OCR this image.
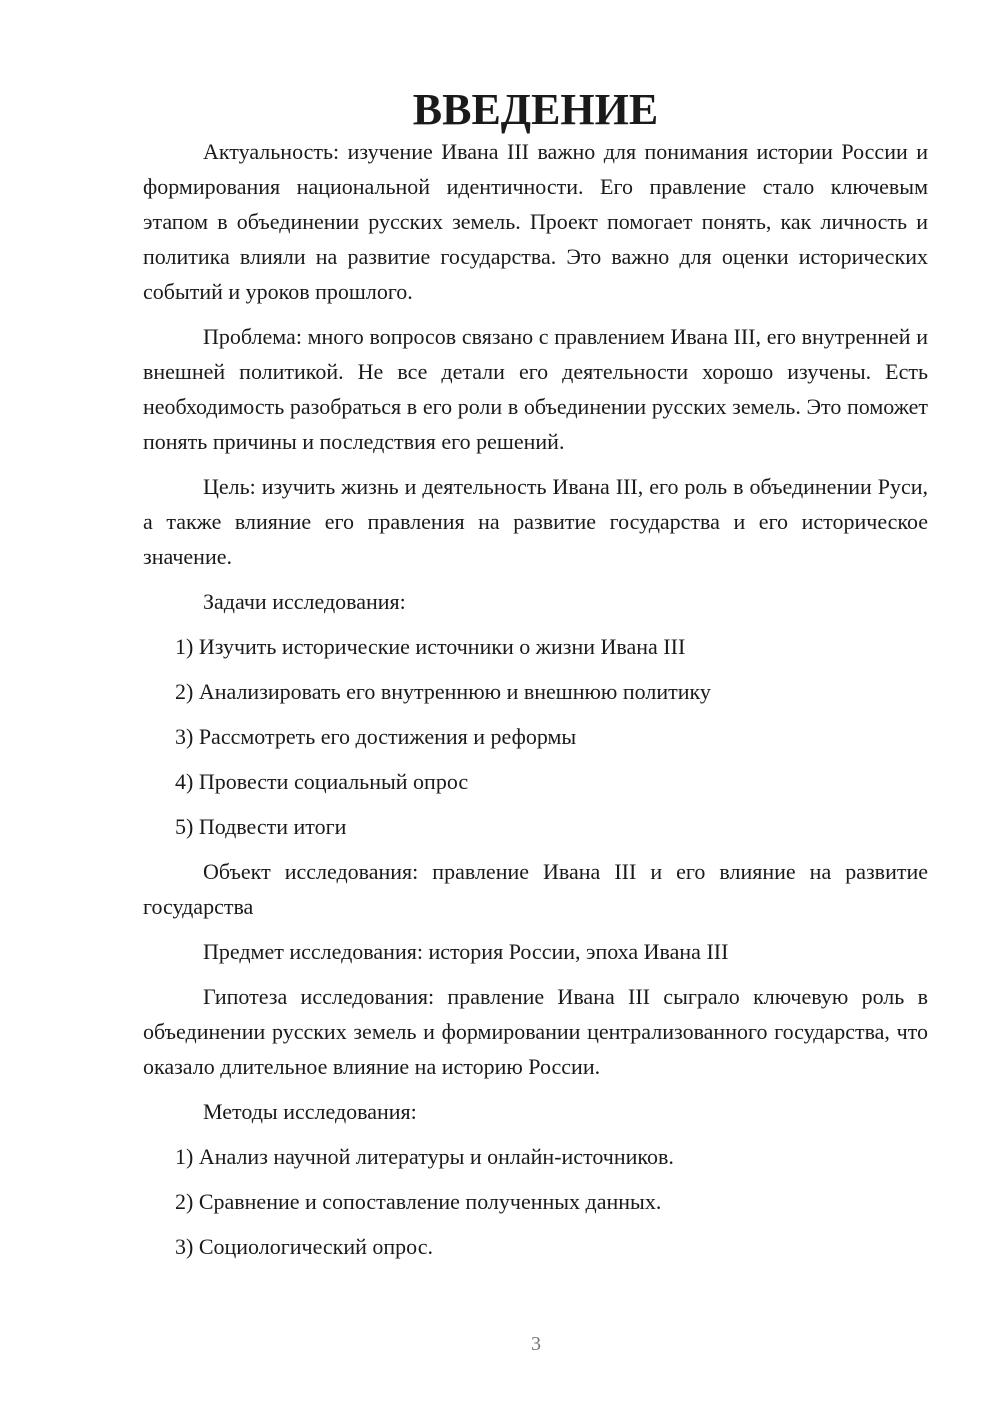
ВВЕДЕНИЕ

Актуальность: изучение Ивана III важно для понимания истории России и формирования национальной идентичности. Его правление стало ключевым этапом в объединении русских земель. Проект помогает понять, как личность и политика влияли на развитие государства. Это важно для оценки исторических событий и уроков прошлого.

Проблема: много вопросов связано с правлением Ивана III, его внутренней и внешней политикой. Не все детали его деятельности хорошо изучены. Есть необходимость разобраться в его роли в объединении русских земель. Это поможет понять причины и последствия его решений.

Цель: изучить жизнь и деятельность Ивана III, его роль в объединении Руси, а также влияние его правления на развитие государства и его историческое значение.

Задачи исследования:

1) Изучить исторические источники о жизни Ивана III
2) Анализировать его внутреннюю и внешнюю политику
3) Рассмотреть его достижения и реформы
4) Провести социальный опрос
5) Подвести итоги

Объект исследования: правление Ивана III и его влияние на развитие государства

Предмет исследования: история России, эпоха Ивана III

Гипотеза исследования: правление Ивана III сыграло ключевую роль в объединении русских земель и формировании централизованного государства, что оказало длительное влияние на историю России.

Методы исследования:

1) Анализ научной литературы и онлайн-источников.
2) Сравнение и сопоставление полученных данных.
3) Социологический опрос.
3
